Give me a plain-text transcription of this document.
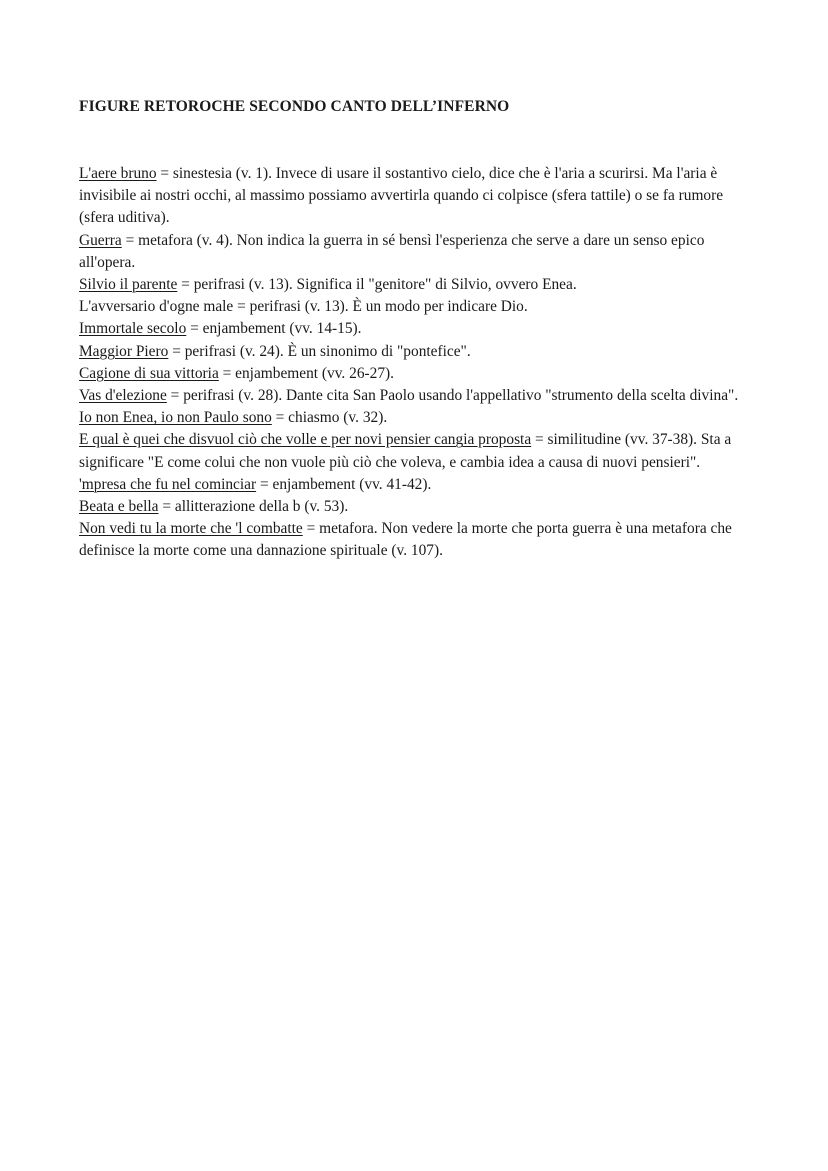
FIGURE RETOROCHE SECONDO CANTO DELL’INFERNO

L'aere bruno = sinestesia (v. 1). Invece di usare il sostantivo cielo, dice che è l'aria a scurirsi. Ma l'aria è invisibile ai nostri occhi, al massimo possiamo avvertirla quando ci colpisce (sfera tattile) o se fa rumore (sfera uditiva).

Guerra = metafora (v. 4). Non indica la guerra in sé bensì l'esperienza che serve a dare un senso epico all'opera.

Silvio il parente = perifrasi (v. 13). Significa il "genitore" di Silvio, ovvero Enea.

L'avversario d'ogne male = perifrasi (v. 13). È un modo per indicare Dio.

Immortale secolo = enjambement (vv. 14-15).

Maggior Piero = perifrasi (v. 24). È un sinonimo di "pontefice".

Cagione di sua vittoria = enjambement (vv. 26-27).

Vas d'elezione = perifrasi (v. 28). Dante cita San Paolo usando l'appellativo "strumento della scelta divina".

Io non Enea, io non Paulo sono = chiasmo (v. 32).

E qual è quei che disvuol ciò che volle e per novi pensier cangia proposta = similitudine (vv. 37-38). Sta a significare "E come colui che non vuole più ciò che voleva, e cambia idea a causa di nuovi pensieri".

'mpresa che fu nel cominciar = enjambement (vv. 41-42).

Beata e bella = allitterazione della b (v. 53).

Non vedi tu la morte che 'l combatte = metafora. Non vedere la morte che porta guerra è una metafora che definisce la morte come una dannazione spirituale (v. 107).
